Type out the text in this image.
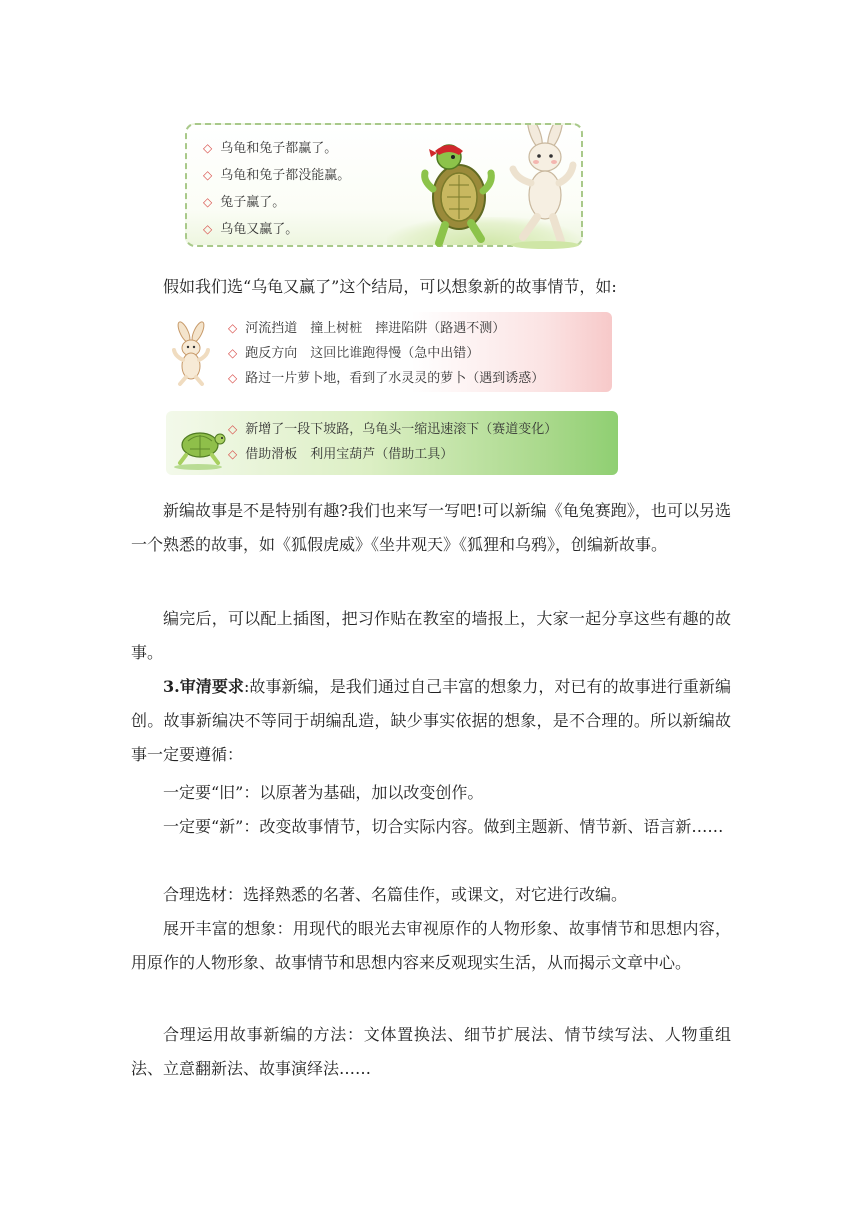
◇ 乌龟和兔子都赢了。
◇ 乌龟和兔子都没能赢。
◇ 兔子赢了。
◇ 乌龟又赢了。

假如我们选“乌龟又赢了”这个结局，可以想象新的故事情节，如:

◇ 河流挡道　撞上树桩　摔进陷阱（路遇不测）
◇ 跑反方向　这回比谁跑得慢（急中出错）
◇ 路过一片萝卜地，看到了水灵灵的萝卜（遇到诱惑）
◇ 新增了一段下坡路，乌龟头一缩迅速滚下（赛道变化）
◇ 借助滑板　利用宝葫芦（借助工具）

新编故事是不是特别有趣?我们也来写一写吧!可以新编《龟兔赛跑》，也可以另选一个熟悉的故事，如《狐假虎威》《坐井观天》《狐狸和乌鸦》，创编新故事。

编完后，可以配上插图，把习作贴在教室的墙报上，大家一起分享这些有趣的故事。

3.审清要求:故事新编，是我们通过自己丰富的想象力，对已有的故事进行重新编创。故事新编决不等同于胡编乱造，缺少事实依据的想象，是不合理的。所以新编故事一定要遵循：

一定要“旧”：以原著为基础，加以改变创作。

一定要“新”：改变故事情节，切合实际内容。做到主题新、情节新、语言新……

合理选材：选择熟悉的名著、名篇佳作，或课文，对它进行改编。

展开丰富的想象：用现代的眼光去审视原作的人物形象、故事情节和思想内容，用原作的人物形象、故事情节和思想内容来反观现实生活，从而揭示文章中心。

合理运用故事新编的方法：文体置换法、细节扩展法、情节续写法、人物重组法、立意翻新法、故事演绎法……
